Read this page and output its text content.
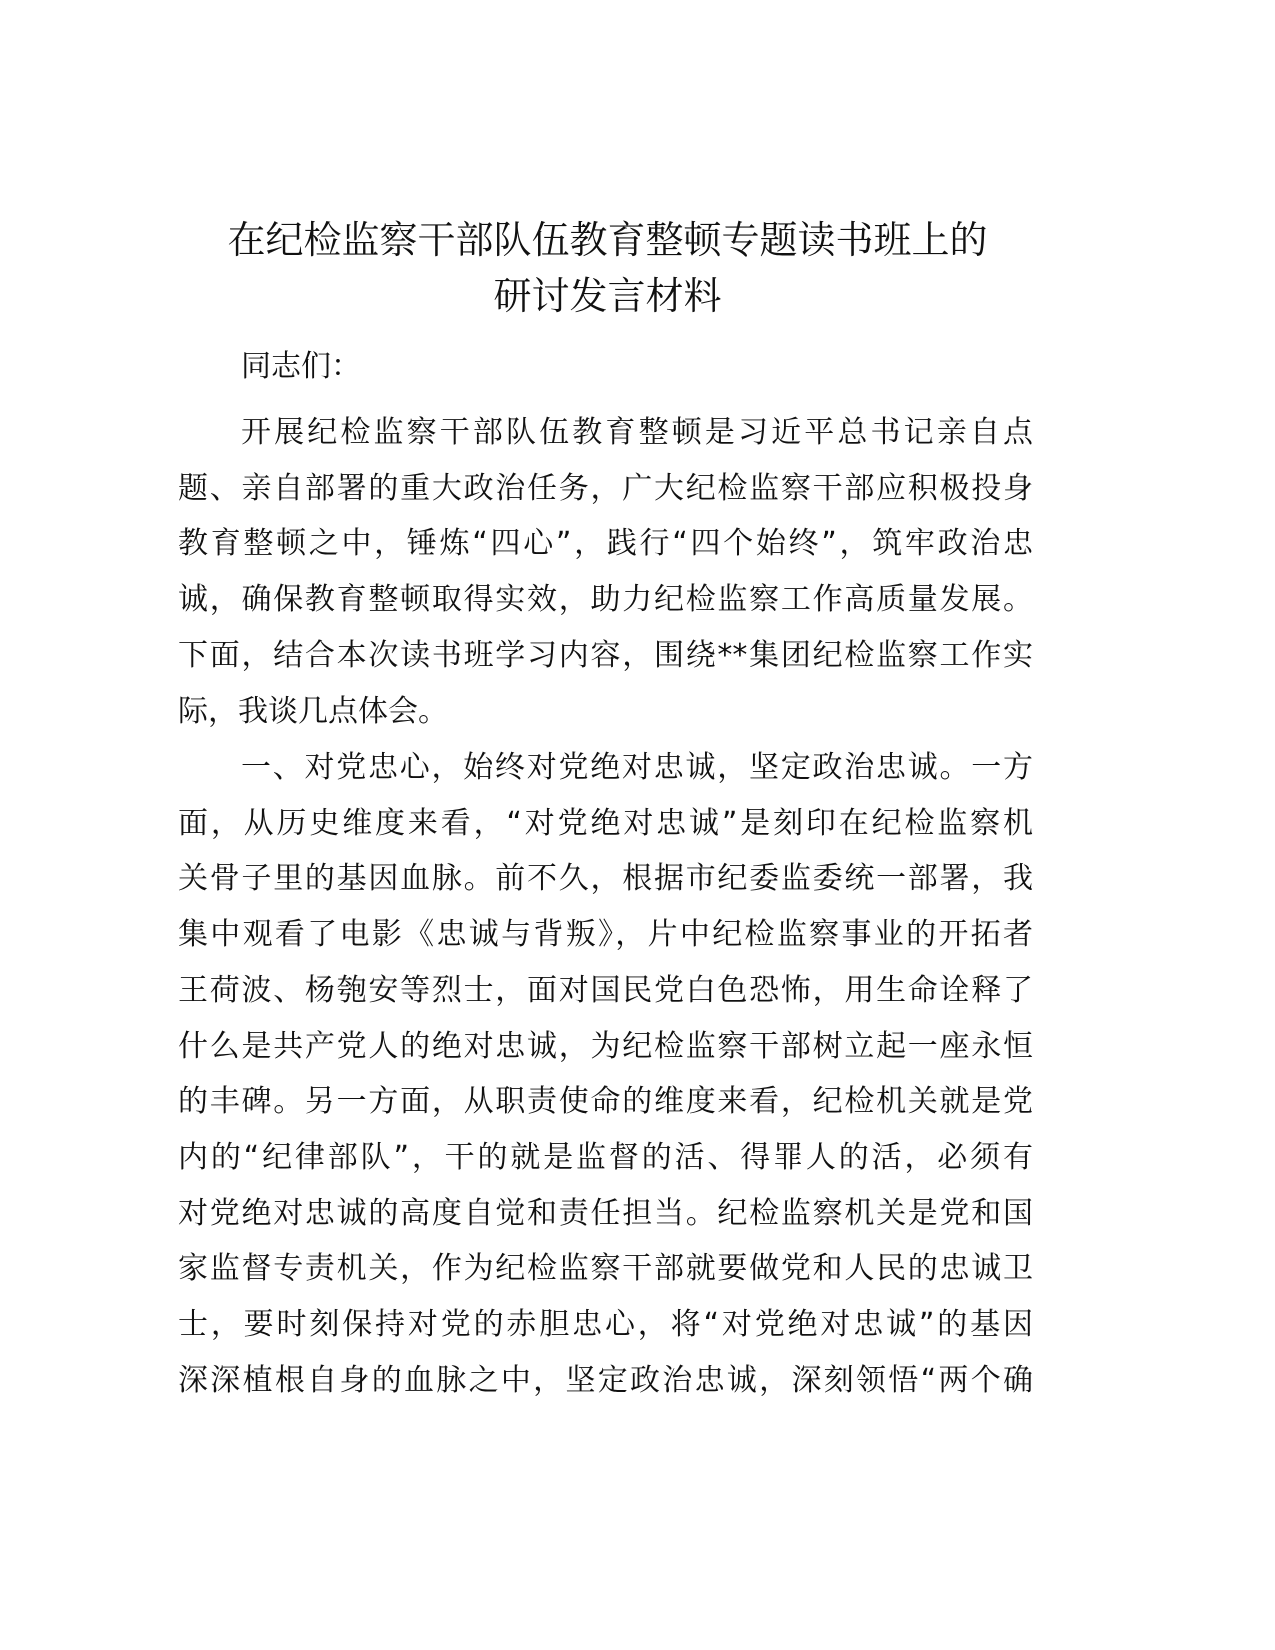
在纪检监察干部队伍教育整顿专题读书班上的
研讨发言材料
同志们：
开展纪检监察干部队伍教育整顿是习近平总书记亲自点
题、亲自部署的重大政治任务，广大纪检监察干部应积极投身
教育整顿之中，锤炼“四心”，践行“四个始终”，筑牢政治忠
诚，确保教育整顿取得实效，助力纪检监察工作高质量发展。
下面，结合本次读书班学习内容，围绕**集团纪检监察工作实
际，我谈几点体会。
一、对党忠心，始终对党绝对忠诚，坚定政治忠诚。一方
面，从历史维度来看，“对党绝对忠诚”是刻印在纪检监察机
关骨子里的基因血脉。前不久，根据市纪委监委统一部署，我
集中观看了电影《忠诚与背叛》，片中纪检监察事业的开拓者
王荷波、杨匏安等烈士，面对国民党白色恐怖，用生命诠释了
什么是共产党人的绝对忠诚，为纪检监察干部树立起一座永恒
的丰碑。另一方面，从职责使命的维度来看，纪检机关就是党
内的“纪律部队”，干的就是监督的活、得罪人的活，必须有
对党绝对忠诚的高度自觉和责任担当。纪检监察机关是党和国
家监督专责机关，作为纪检监察干部就要做党和人民的忠诚卫
士，要时刻保持对党的赤胆忠心，将“对党绝对忠诚”的基因
深深植根自身的血脉之中，坚定政治忠诚，深刻领悟“两个确
